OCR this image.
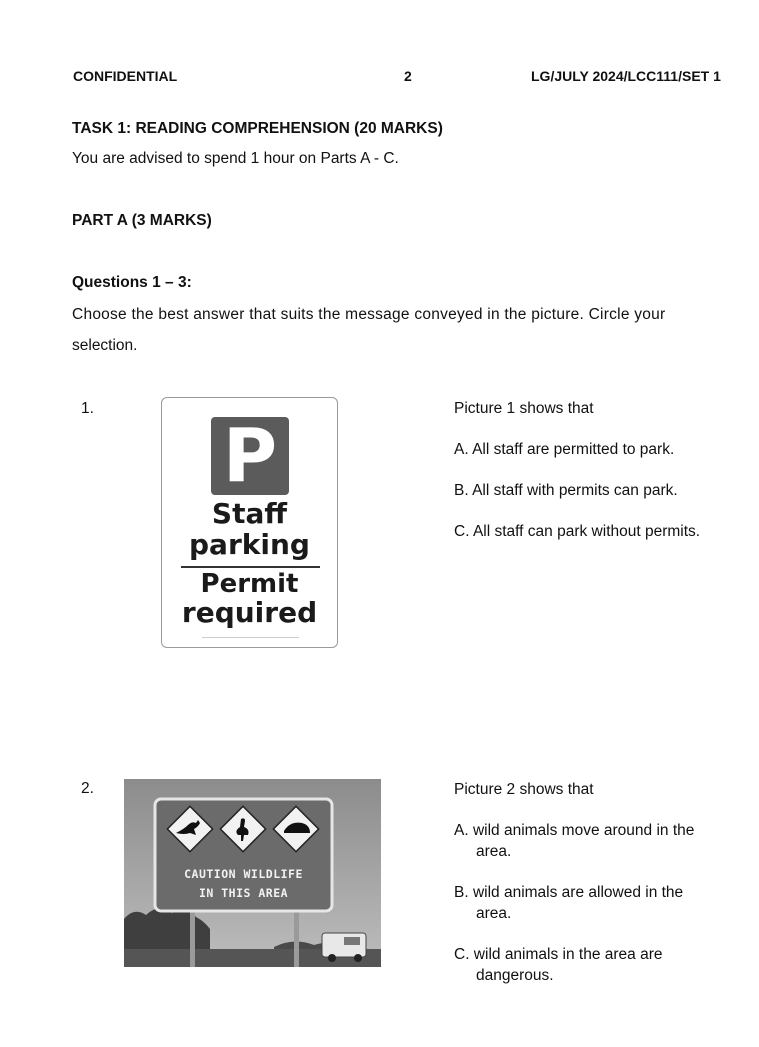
CONFIDENTIAL	2	LG/JULY 2024/LCC111/SET 1
TASK 1: READING COMPREHENSION (20 MARKS)
You are advised to spend 1 hour on Parts A - C.
PART A (3 MARKS)
Questions 1 – 3:
Choose the best answer that suits the message conveyed in the picture. Circle your
selection.
1.
P
Staff
parking
Permit
required
Picture 1 shows that
A. All staff are permitted to park.
B. All staff with permits can park.
C. All staff can park without permits.
2.
CAUTION WILDLIFE
IN THIS AREA
Picture 2 shows that
A. wild animals move around in the
area.
B. wild animals are allowed in the
area.
C. wild animals in the area are
dangerous.
